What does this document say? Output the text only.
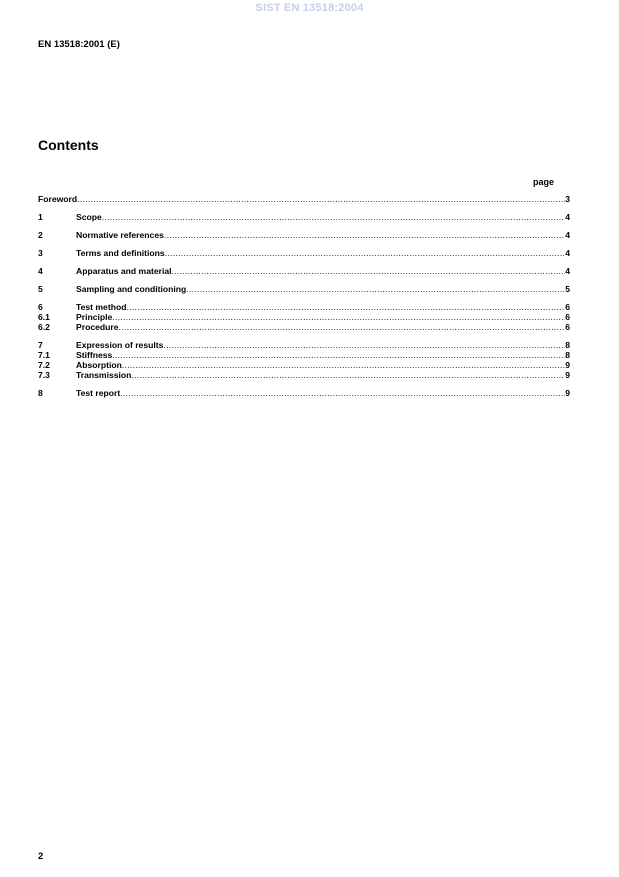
SIST EN 13518:2004
EN 13518:2001 (E)
Contents
page
Foreword .....	3
1	Scope .....	4
2	Normative references .....	4
3	Terms and definitions .....	4
4	Apparatus and material .....	4
5	Sampling and conditioning .....	5
6	Test method .....	6
6.1	Principle .....	6
6.2	Procedure .....	6
7	Expression of results .....	8
7.1	Stiffness .....	8
7.2	Absorption .....	9
7.3	Transmission .....	9
8	Test report .....	9
2
